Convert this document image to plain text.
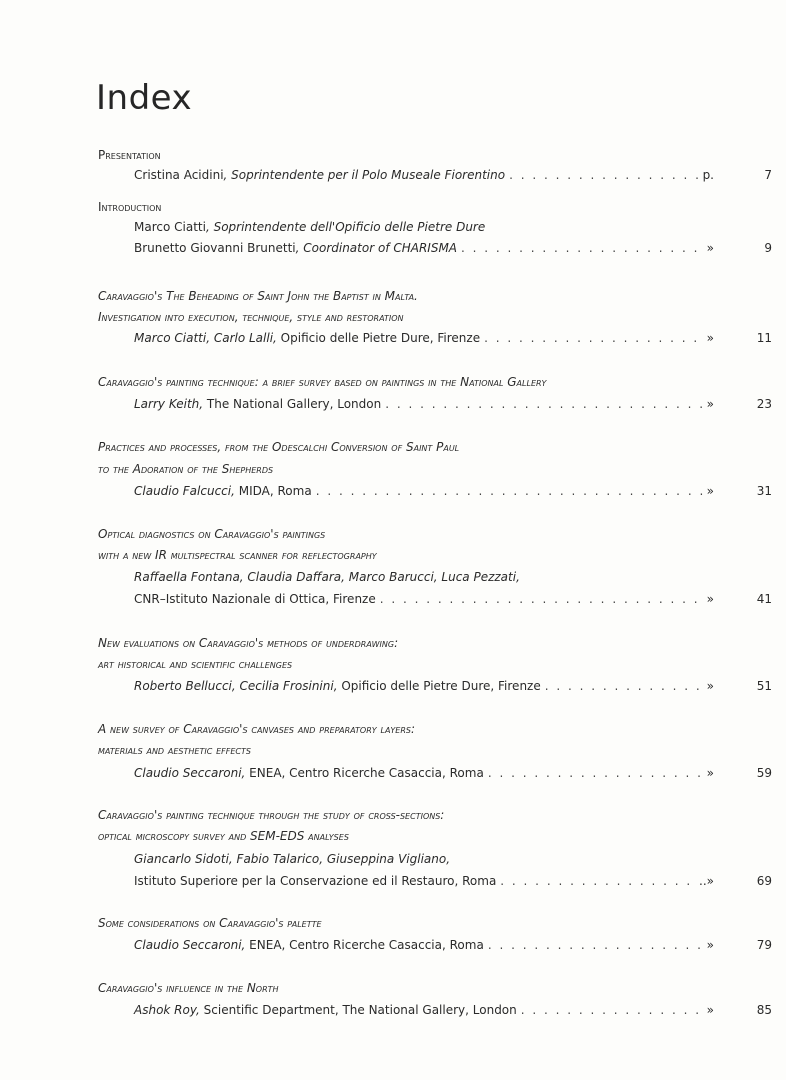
Index
Presentation
Cristina Acidini, Soprintendente per il Polo Museale Fiorentino . . .	p.	7
Introduction
Marco Ciatti, Soprintendente dell'Opificio delle Pietre Dure
Brunetto Giovanni Brunetti, Coordinator of CHARISMA . . .	»	9
Caravaggio's The Beheading of Saint John the Baptist in Malta.
Investigation into execution, technique, style and restoration
Marco Ciatti, Carlo Lalli, Opificio delle Pietre Dure, Firenze . . .	»	11
Caravaggio's painting technique: a brief survey based on paintings in the National Gallery
Larry Keith, The National Gallery, London . . .	»	23
Practices and processes, from the Odescalchi Conversion of Saint Paul
to the Adoration of the Shepherds
Claudio Falcucci, MIDA, Roma . . .	»	31
Optical diagnostics on Caravaggio's paintings
with a new IR multispectral scanner for reflectography
Raffaella Fontana, Claudia Daffara, Marco Barucci, Luca Pezzati,
CNR–Istituto Nazionale di Ottica, Firenze . . .	»	41
New evaluations on Caravaggio's methods of underdrawing:
art historical and scientific challenges
Roberto Bellucci, Cecilia Frosinini, Opificio delle Pietre Dure, Firenze . . .	»	51
A new survey of Caravaggio's canvases and preparatory layers:
materials and aesthetic effects
Claudio Seccaroni, ENEA, Centro Ricerche Casaccia, Roma . . .	»	59
Caravaggio's painting technique through the study of cross-sections:
optical microscopy survey and SEM-EDS analyses
Giancarlo Sidoti, Fabio Talarico, Giuseppina Vigliano,
Istituto Superiore per la Conservazione ed il Restauro, Roma . . .	..»	69
Some considerations on Caravaggio's palette
Claudio Seccaroni, ENEA, Centro Ricerche Casaccia, Roma . . .	»	79
Caravaggio's influence in the North
Ashok Roy, Scientific Department, The National Gallery, London . . .	»	85
